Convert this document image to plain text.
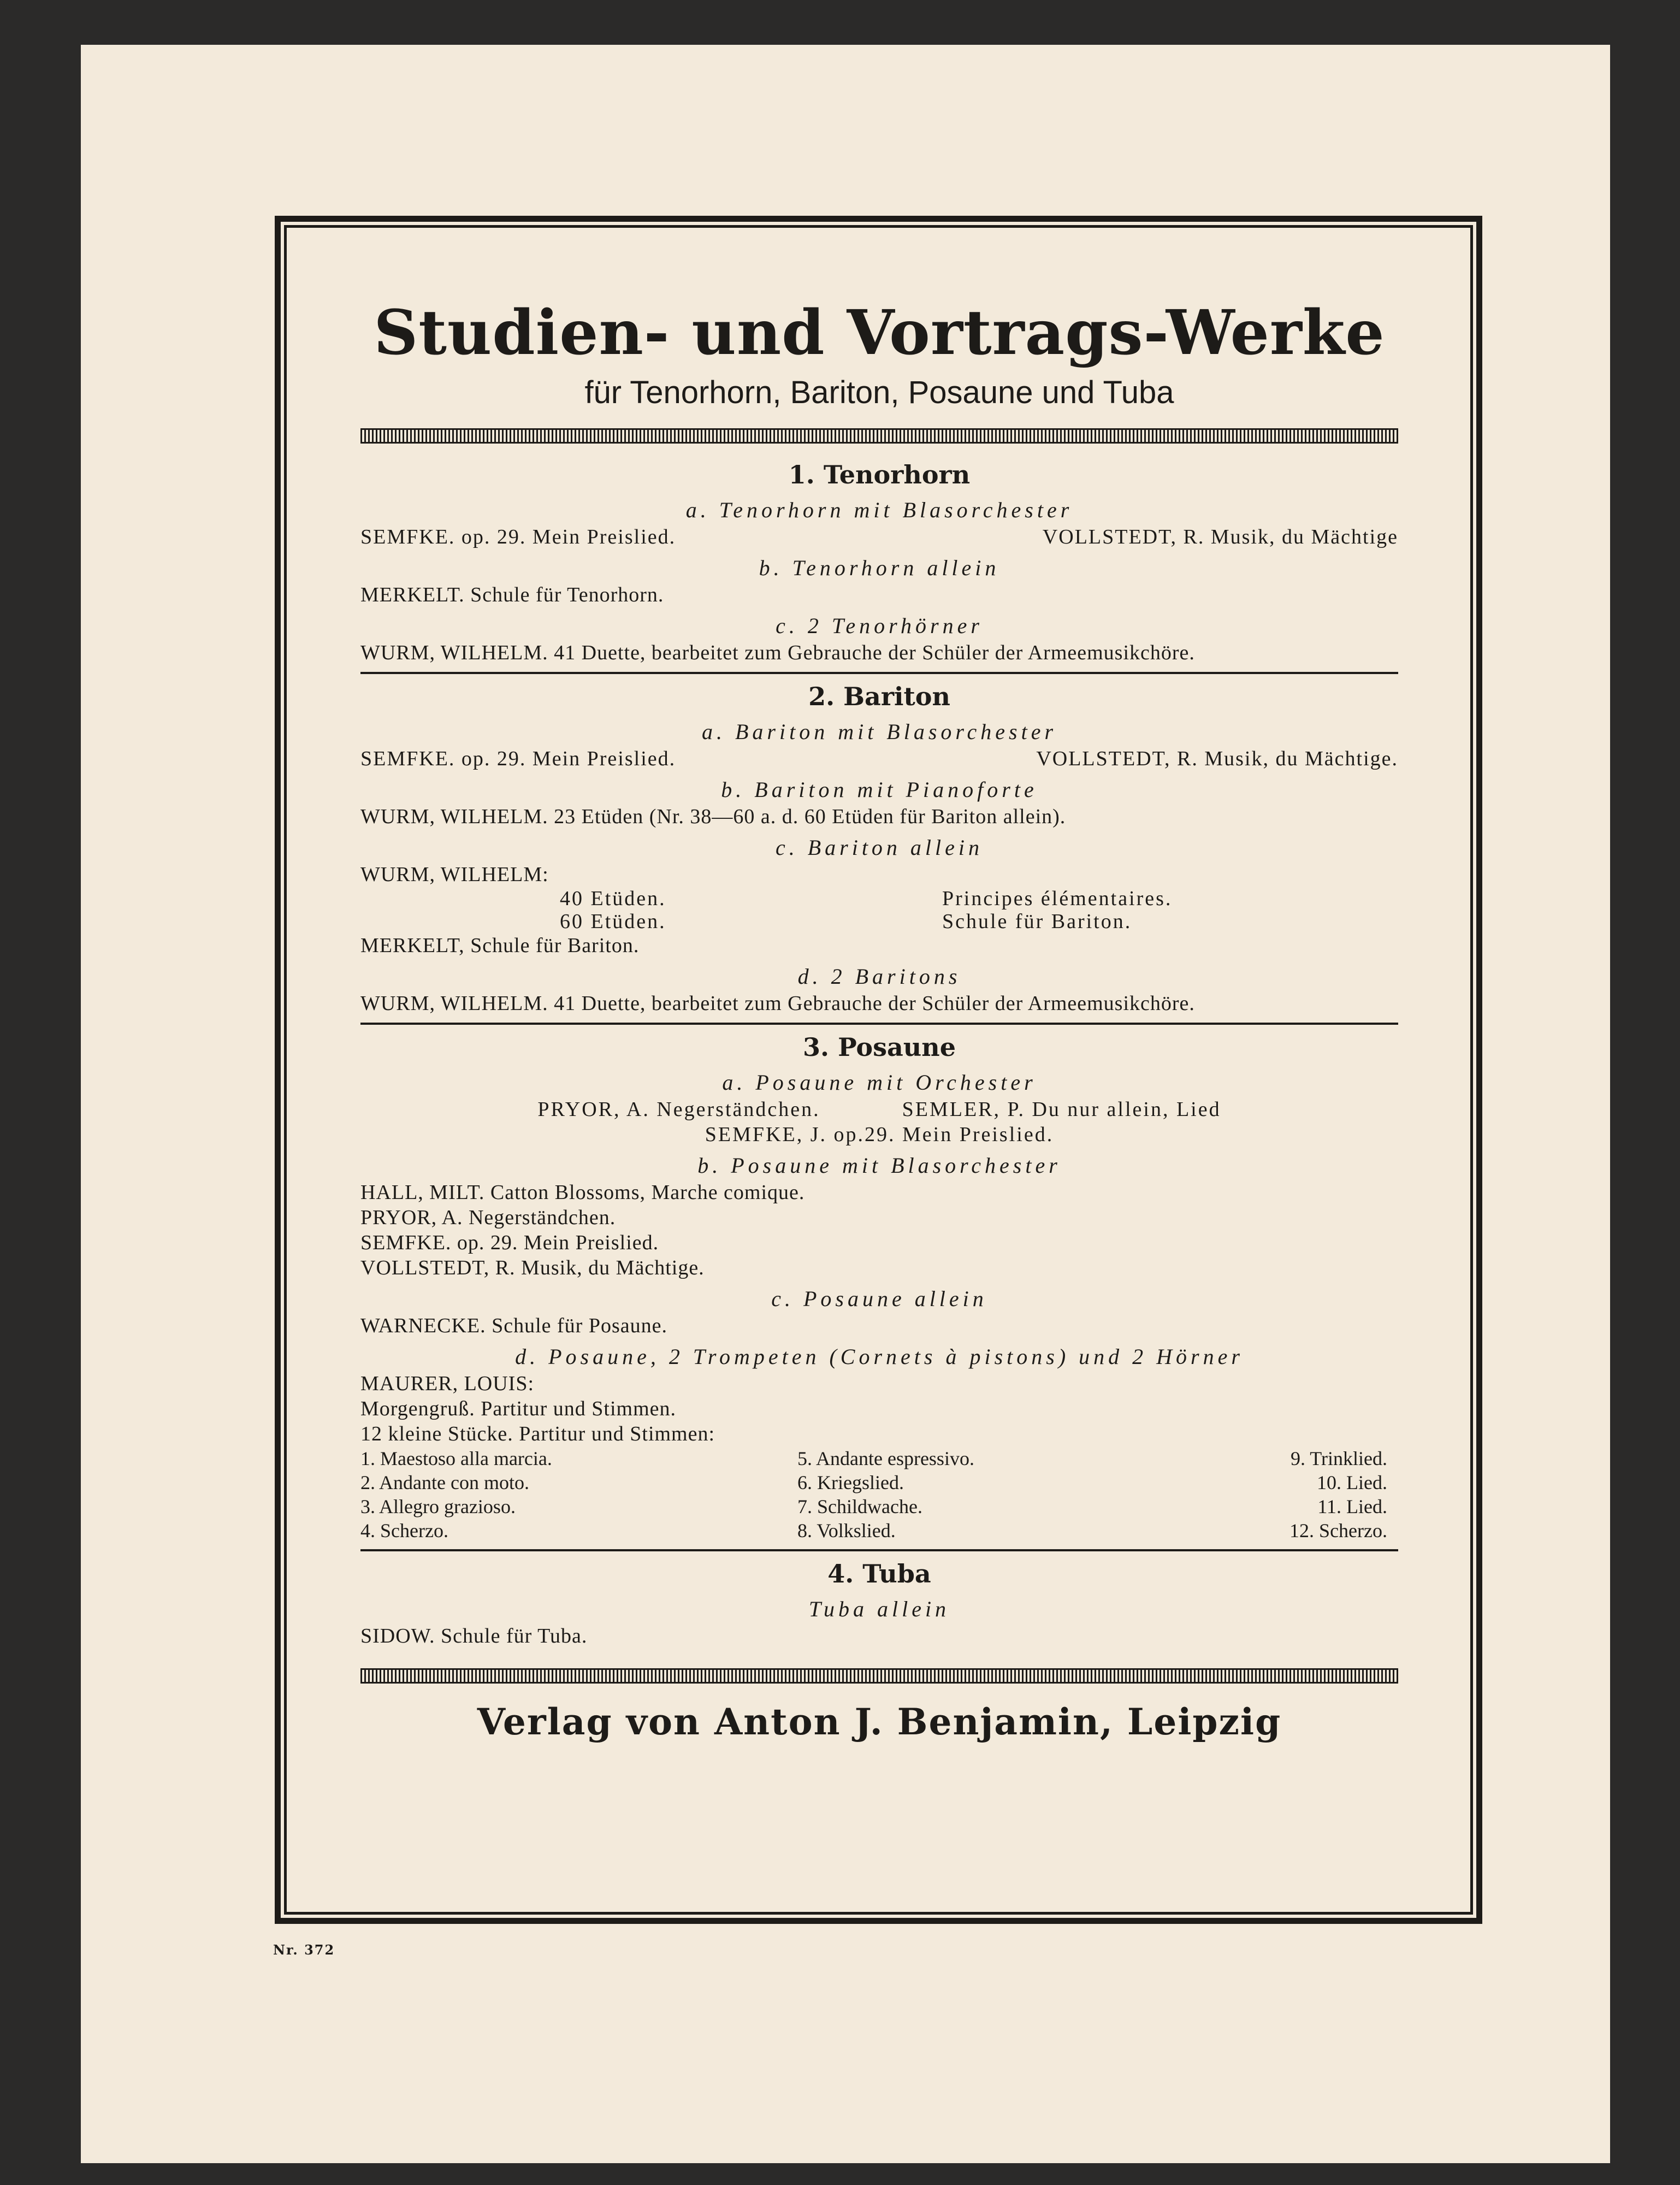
Studien- und Vortrags-Werke
für Tenorhorn, Bariton, Posaune und Tuba
1. Tenorhorn
a. Tenorhorn mit Blasorchester
SEMFKE. op. 29. Mein Preislied.	VOLLSTEDT, R. Musik, du Mächtige
b. Tenorhorn allein
MERKELT. Schule für Tenorhorn.
c. 2 Tenorhörner
WURM, WILHELM. 41 Duette, bearbeitet zum Gebrauche der Schüler der Armeemusikchöre.
2. Bariton
a. Bariton mit Blasorchester
SEMFKE. op. 29. Mein Preislied.	VOLLSTEDT, R. Musik, du Mächtige.
b. Bariton mit Pianoforte
WURM, WILHELM. 23 Etüden (Nr. 38—60 a. d. 60 Etüden für Bariton allein).
c. Bariton allein
WURM, WILHELM:
40 Etüden.	Principes élémentaires.
60 Etüden.	Schule für Bariton.
MERKELT, Schule für Bariton.
d. 2 Baritons
WURM, WILHELM. 41 Duette, bearbeitet zum Gebrauche der Schüler der Armeemusikchöre.
3. Posaune
a. Posaune mit Orchester
PRYOR, A. Negerständchen.	SEMLER, P. Du nur allein, Lied
SEMFKE, J. op.29. Mein Preislied.
b. Posaune mit Blasorchester
HALL, MILT. Catton Blossoms, Marche comique.
PRYOR, A. Negerständchen.
SEMFKE. op. 29. Mein Preislied.
VOLLSTEDT, R. Musik, du Mächtige.
c. Posaune allein
WARNECKE. Schule für Posaune.
d. Posaune, 2 Trompeten (Cornets à pistons) und 2 Hörner
MAURER, LOUIS:
Morgengruß. Partitur und Stimmen.
12 kleine Stücke. Partitur und Stimmen:
1. Maestoso alla marcia.	5. Andante espressivo.	9. Trinklied.
2. Andante con moto.	6. Kriegslied.	10. Lied.
3. Allegro grazioso.	7. Schildwache.	11. Lied.
4. Scherzo.	8. Volkslied.	12. Scherzo.
4. Tuba
Tuba allein
SIDOW. Schule für Tuba.
Verlag von Anton J. Benjamin, Leipzig
Nr. 372
